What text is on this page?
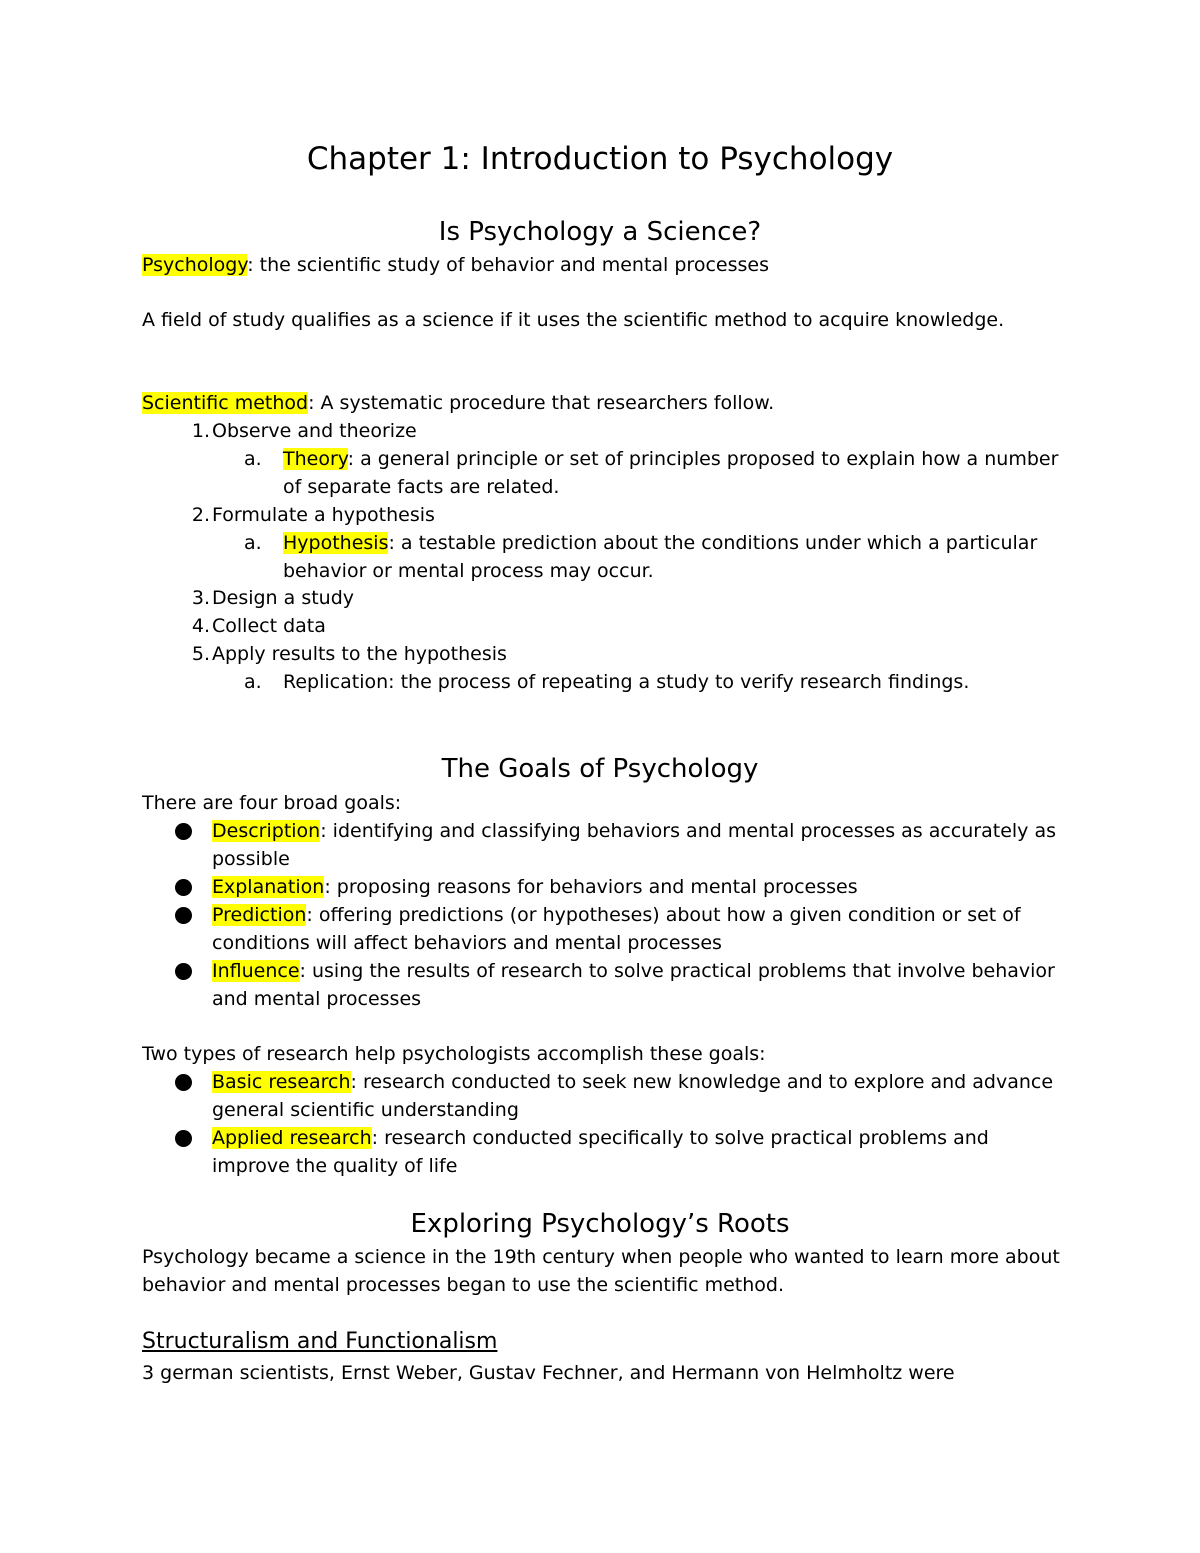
Chapter 1: Introduction to Psychology
Is Psychology a Science?

Psychology: the scientific study of behavior and mental processes

A field of study qualifies as a science if it uses the scientific method to acquire knowledge.

Scientific method: A systematic procedure that researchers follow.

1. Observe and theorize
a.	Theory: a general principle or set of principles proposed to explain how a number of separate facts are related.
2. Formulate a hypothesis
a.	Hypothesis: a testable prediction about the conditions under which a particular behavior or mental process may occur.
3. Design a study
4. Collect data
5. Apply results to the hypothesis
a.	Replication: the process of repeating a study to verify research findings.
The Goals of Psychology

There are four broad goals:

Description: identifying and classifying behaviors and mental processes as accurately as possible
Explanation: proposing reasons for behaviors and mental processes
Prediction: offering predictions (or hypotheses) about how a given condition or set of conditions will affect behaviors and mental processes
Influence: using the results of research to solve practical problems that involve behavior and mental processes

Two types of research help psychologists accomplish these goals:

Basic research: research conducted to seek new knowledge and to explore and advance general scientific understanding
Applied research: research conducted specifically to solve practical problems and improve the quality of life
Exploring Psychology’s Roots

Psychology became a science in the 19th century when people who wanted to learn more about behavior and mental processes began to use the scientific method.

Structuralism and Functionalism

3 german scientists, Ernst Weber, Gustav Fechner, and Hermann von Helmholtz were
